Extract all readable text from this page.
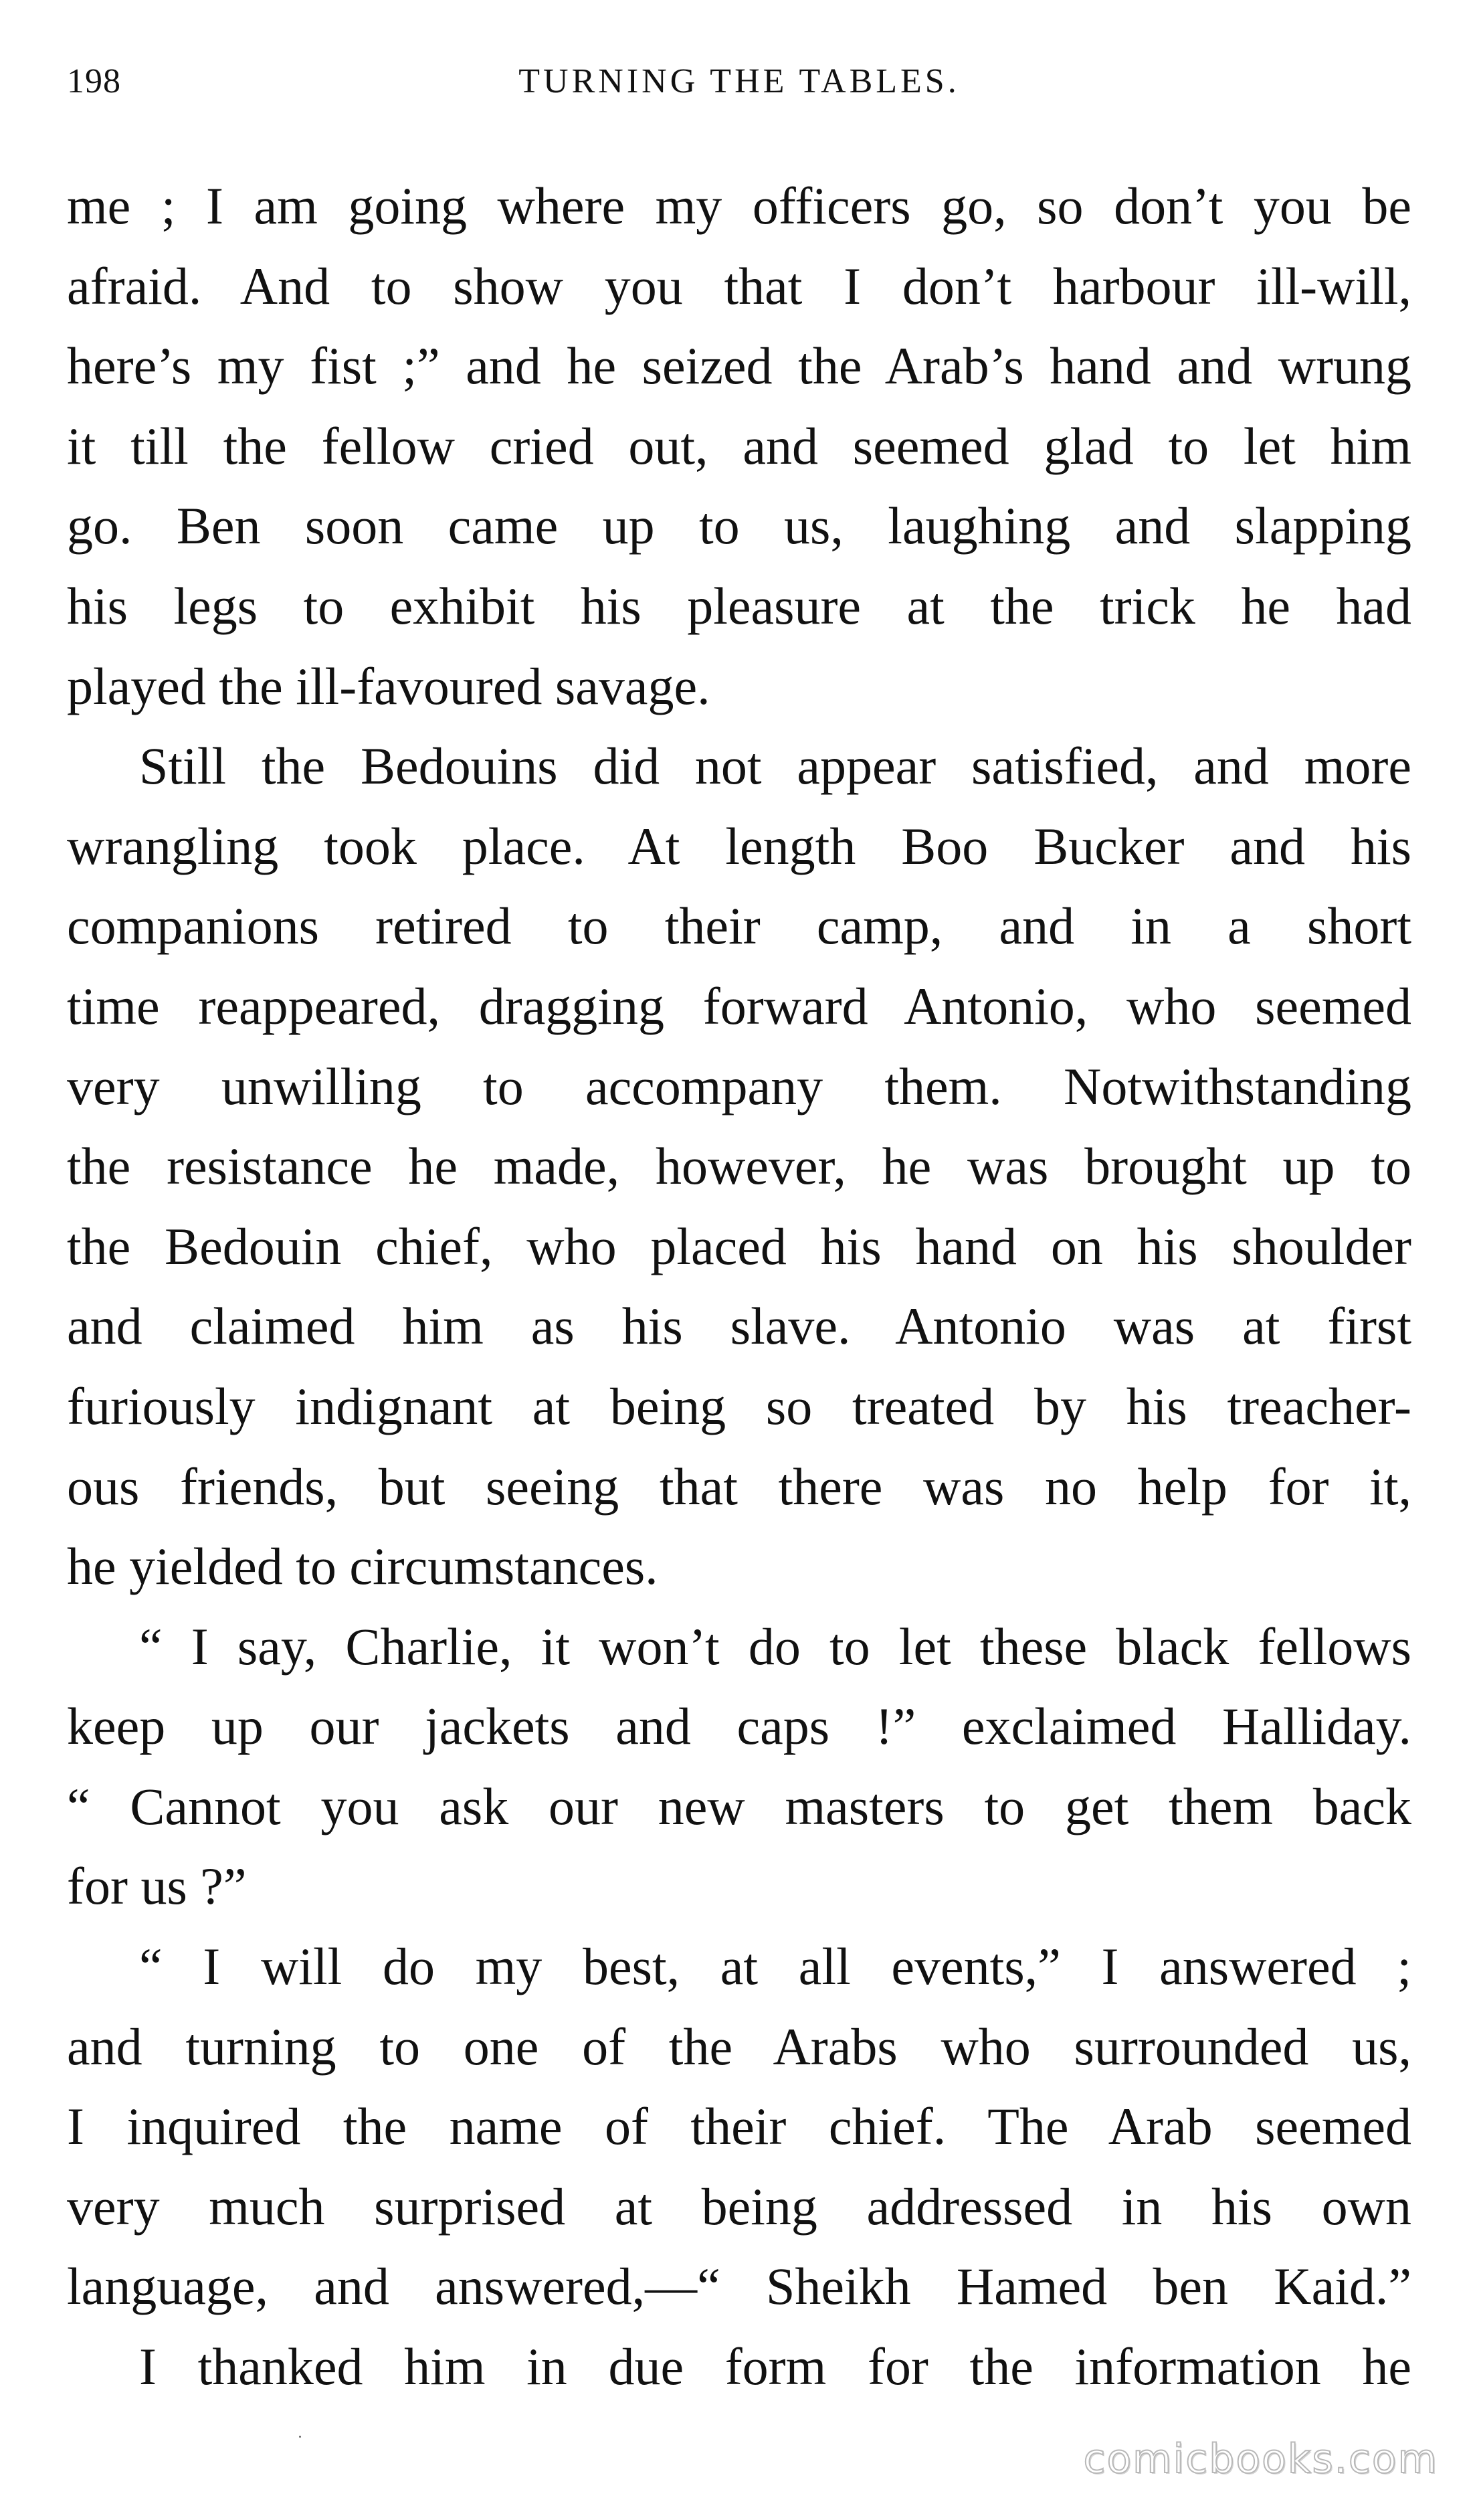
198	TURNING THE TABLES.
me ; I am going where my officers go, so don’t you be
afraid. And to show you that I don’t harbour ill-will,
here’s my fist ;” and he seized the Arab’s hand and wrung
it till the fellow cried out, and seemed glad to let him
go. Ben soon came up to us, laughing and slapping
his legs to exhibit his pleasure at the trick he had
played the ill-favoured savage.
Still the Bedouins did not appear satisfied, and more
wrangling took place. At length Boo Bucker and his
companions retired to their camp, and in a short
time reappeared, dragging forward Antonio, who seemed
very unwilling to accompany them. Notwithstanding
the resistance he made, however, he was brought up to
the Bedouin chief, who placed his hand on his shoulder
and claimed him as his slave. Antonio was at first
furiously indignant at being so treated by his treacher-
ous friends, but seeing that there was no help for it,
he yielded to circumstances.
“ I say, Charlie, it won’t do to let these black fellows
keep up our jackets and caps !” exclaimed Halliday.
“ Cannot you ask our new masters to get them back
for us ?”
“ I will do my best, at all events,” I answered ;
and turning to one of the Arabs who surrounded us,
I inquired the name of their chief. The Arab seemed
very much surprised at being addressed in his own
language, and answered,—“ Sheikh Hamed ben Kaid.”
I thanked him in due form for the information he
comicbooks.com
